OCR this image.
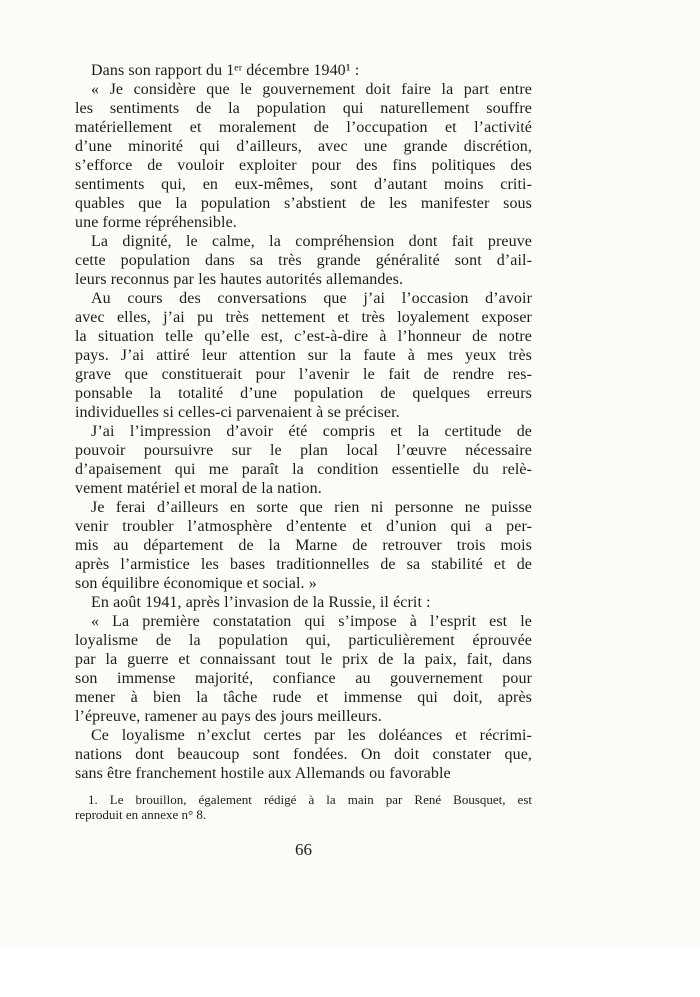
Dans son rapport du 1ᵉʳ décembre 1940¹ :
« Je considère que le gouvernement doit faire la part entre
les sentiments de la population qui naturellement souffre
matériellement et moralement de l’occupation et l’activité
d’une minorité qui d’ailleurs, avec une grande discrétion,
s’efforce de vouloir exploiter pour des fins politiques des
sentiments qui, en eux-mêmes, sont d’autant moins criti-
quables que la population s’abstient de les manifester sous
une forme répréhensible.
La dignité, le calme, la compréhension dont fait preuve
cette population dans sa très grande généralité sont d’ail-
leurs reconnus par les hautes autorités allemandes.
Au cours des conversations que j’ai l’occasion d’avoir
avec elles, j’ai pu très nettement et très loyalement exposer
la situation telle qu’elle est, c’est-à-dire à l’honneur de notre
pays. J’ai attiré leur attention sur la faute à mes yeux très
grave que constituerait pour l’avenir le fait de rendre res-
ponsable la totalité d’une population de quelques erreurs
individuelles si celles-ci parvenaient à se préciser.
J’ai l’impression d’avoir été compris et la certitude de
pouvoir poursuivre sur le plan local l’œuvre nécessaire
d’apaisement qui me paraît la condition essentielle du relè-
vement matériel et moral de la nation.
Je ferai d’ailleurs en sorte que rien ni personne ne puisse
venir troubler l’atmosphère d’entente et d’union qui a per-
mis au département de la Marne de retrouver trois mois
après l’armistice les bases traditionnelles de sa stabilité et de
son équilibre économique et social. »
En août 1941, après l’invasion de la Russie, il écrit :
« La première constatation qui s’impose à l’esprit est le
loyalisme de la population qui, particulièrement éprouvée
par la guerre et connaissant tout le prix de la paix, fait, dans
son immense majorité, confiance au gouvernement pour
mener à bien la tâche rude et immense qui doit, après
l’épreuve, ramener au pays des jours meilleurs.
Ce loyalisme n’exclut certes par les doléances et récrimi-
nations dont beaucoup sont fondées. On doit constater que,
sans être franchement hostile aux Allemands ou favorable
1. Le brouillon, également rédigé à la main par René Bousquet, est
reproduit en annexe n° 8.
66
